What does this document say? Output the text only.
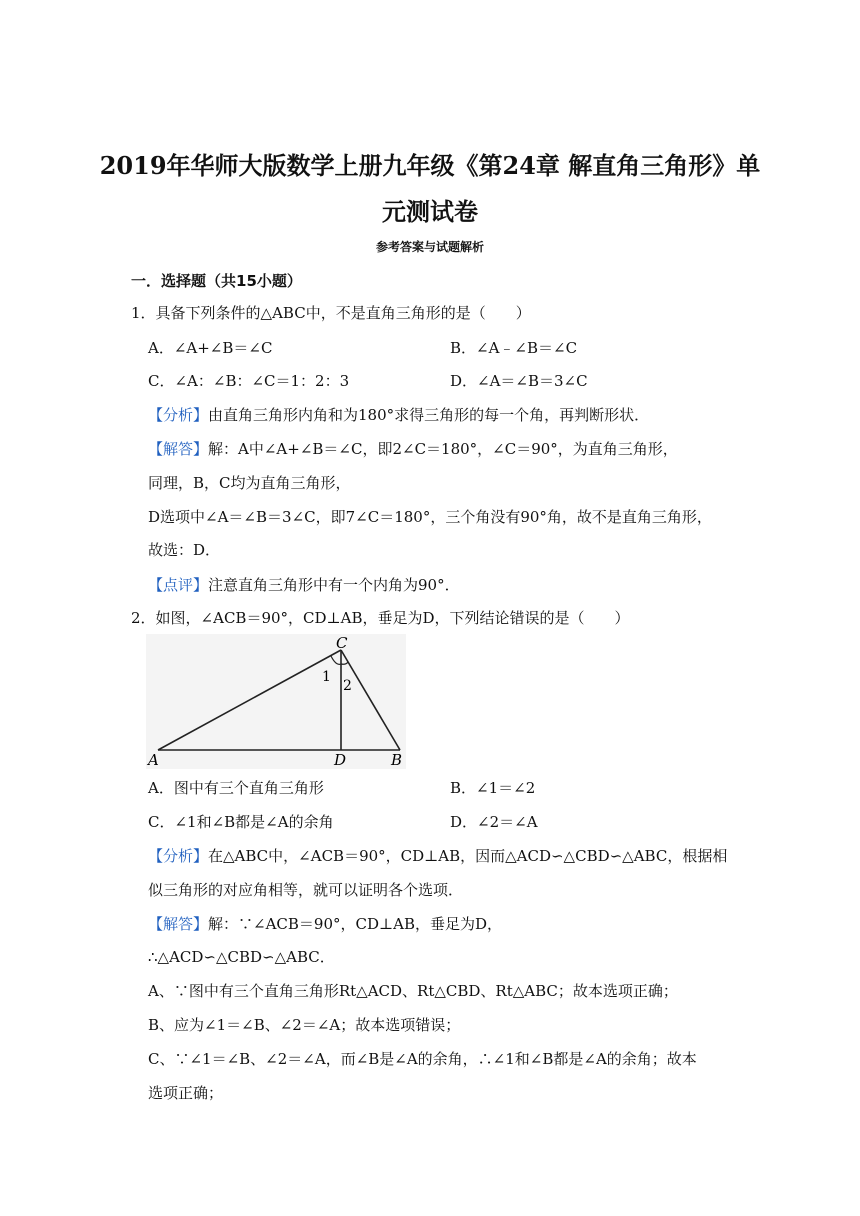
2019年华师大版数学上册九年级《第24章 解直角三角形》单
元测试卷
参考答案与试题解析
一．选择题（共15小题）
1．具备下列条件的△ABC中，不是直角三角形的是（　　）
A．∠A+∠B＝∠C	B．∠A﹣∠B＝∠C
C．∠A：∠B：∠C＝1：2：3	D．∠A＝∠B＝3∠C
【分析】由直角三角形内角和为180°求得三角形的每一个角，再判断形状．
【解答】解：A中∠A+∠B＝∠C，即2∠C＝180°，∠C＝90°，为直角三角形，
同理，B，C均为直角三角形，
D选项中∠A＝∠B＝3∠C，即7∠C＝180°，三个角没有90°角，故不是直角三角形，
故选：D．
【点评】注意直角三角形中有一个内角为90°．
2．如图，∠ACB＝90°，CD⊥AB，垂足为D，下列结论错误的是（　　）
C
1
2
A	D	B
A．图中有三个直角三角形	B．∠1＝∠2
C．∠1和∠B都是∠A的余角	D．∠2＝∠A
【分析】在△ABC中，∠ACB＝90°，CD⊥AB，因而△ACD∽△CBD∽△ABC，根据相
似三角形的对应角相等，就可以证明各个选项．
【解答】解：∵∠ACB＝90°，CD⊥AB，垂足为D，
∴△ACD∽△CBD∽△ABC．
A、∵图中有三个直角三角形Rt△ACD、Rt△CBD、Rt△ABC；故本选项正确；
B、应为∠1＝∠B、∠2＝∠A；故本选项错误；
C、∵∠1＝∠B、∠2＝∠A，而∠B是∠A的余角，∴∠1和∠B都是∠A的余角；故本
选项正确；
